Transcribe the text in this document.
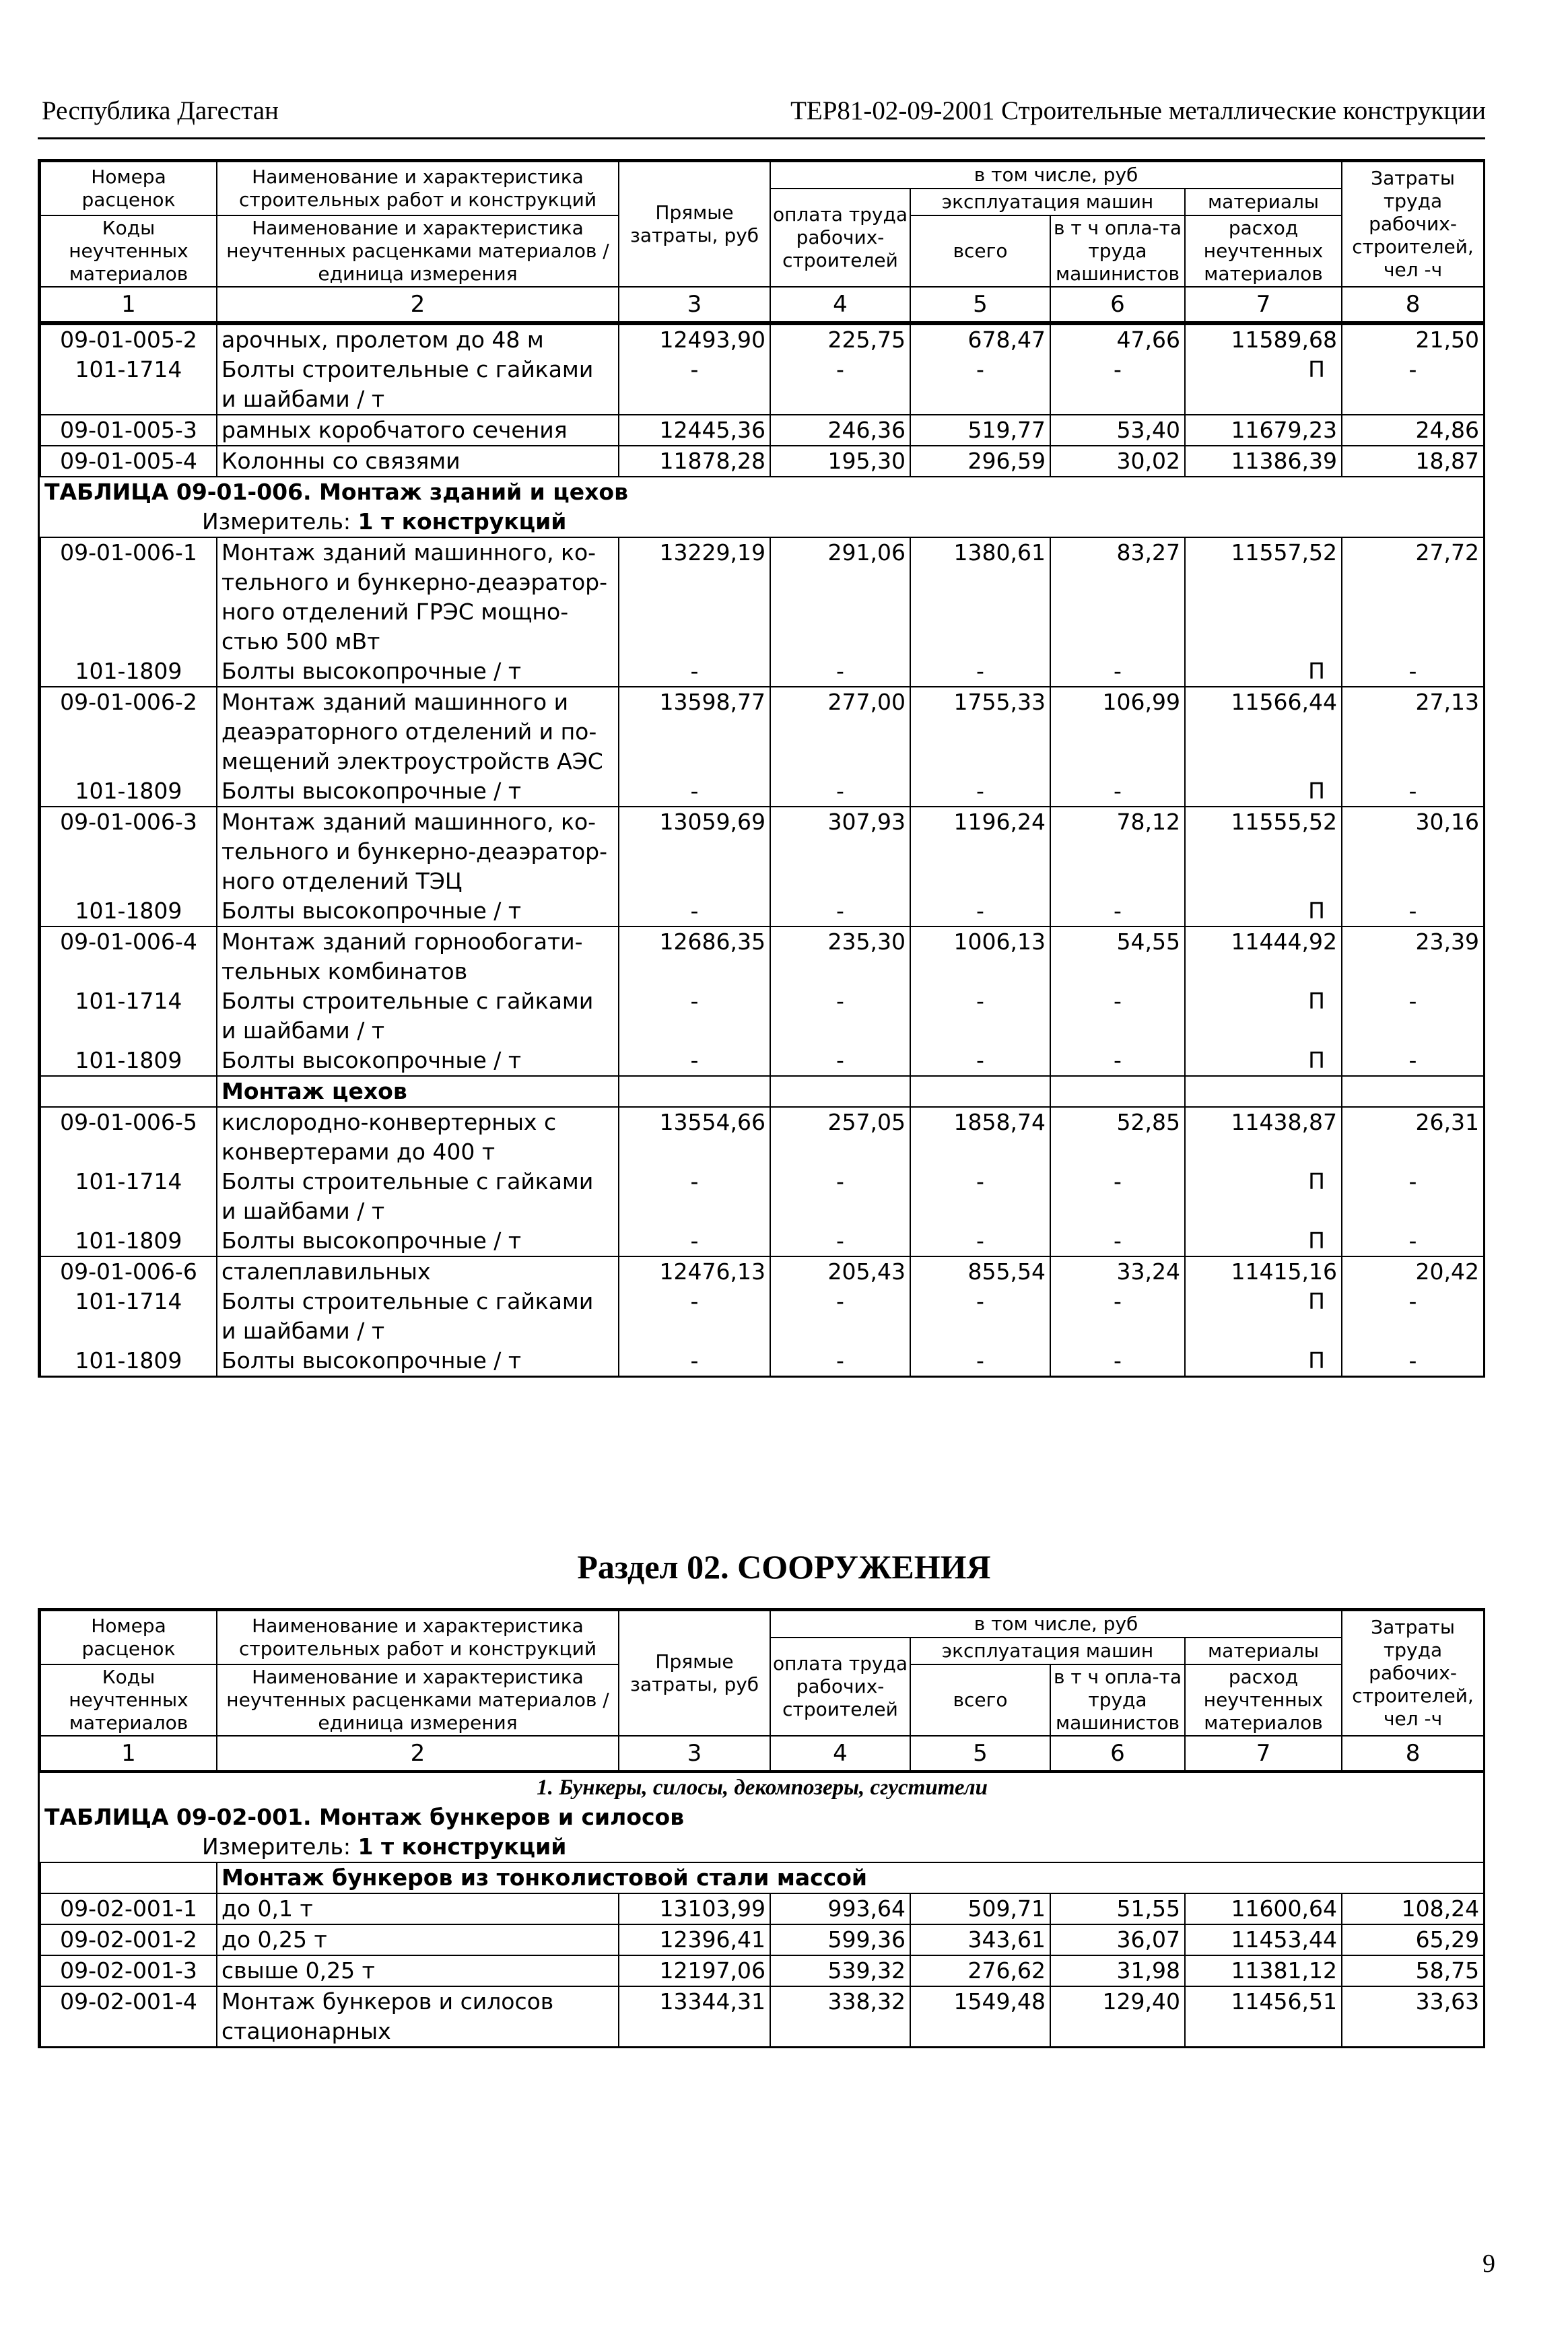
Республика Дагестан	ТЕР81-02-09-2001 Строительные металлические конструкции
Номера расценок	Наименование и характеристика строительных работ и конструкций	Прямые затраты, руб	в том числе, руб				Затраты труда рабочих-строителей, чел -ч
			оплата труда рабочих-строителей	эксплуатация машин		материалы	
Коды неучтенных материалов	Наименование и характеристика неучтенных расценками материалов / единица измерения			всего	в т ч опла-та труда машинистов	расход неучтенных материалов	

1	2	3	4	5	6	7	8
09-01-005-2	арочных, пролетом до 48 м	12493,90	225,75	678,47	47,66	11589,68	21,50
101-1714	Болты строительные с гайками и шайбами / т	-	-	-	-	П	-
09-01-005-3	рамных коробчатого сечения	12445,36	246,36	519,77	53,40	11679,23	24,86
09-01-005-4	Колонны со связями	11878,28	195,30	296,59	30,02	11386,39	18,87
ТАБЛИЦА 09-01-006. Монтаж зданий и цехов							
Измеритель: 1 т конструкций							
09-01-006-1	Монтаж зданий машинного, ко-тельного и бункерно-деаэратор-ного отделений ГРЭС мощно-стью 500 мВт	13229,19	291,06	1380,61	83,27	11557,52	27,72
101-1809	Болты высокопрочные / т	-	-	-	-	П	-
09-01-006-2	Монтаж зданий машинного и деаэраторного отделений и по-мещений электроустройств АЭС	13598,77	277,00	1755,33	106,99	11566,44	27,13
101-1809	Болты высокопрочные / т	-	-	-	-	П	-
09-01-006-3	Монтаж зданий машинного, ко-тельного и бункерно-деаэратор-ного отделений ТЭЦ	13059,69	307,93	1196,24	78,12	11555,52	30,16
101-1809	Болты высокопрочные / т	-	-	-	-	П	-
09-01-006-4	Монтаж зданий горнообогати-тельных комбинатов	12686,35	235,30	1006,13	54,55	11444,92	23,39
101-1714	Болты строительные с гайками и шайбами / т	-	-	-	-	П	-
101-1809	Болты высокопрочные / т	-	-	-	-	П	-
	Монтаж цехов						
09-01-006-5	кислородно-конвертерных с конвертерами до 400 т	13554,66	257,05	1858,74	52,85	11438,87	26,31
101-1714	Болты строительные с гайками и шайбами / т	-	-	-	-	П	-
101-1809	Болты высокопрочные / т	-	-	-	-	П	-
09-01-006-6	сталеплавильных	12476,13	205,43	855,54	33,24	11415,16	20,42
101-1714	Болты строительные с гайками и шайбами / т	-	-	-	-	П	-
101-1809	Болты высокопрочные / т	-	-	-	-	П	-
Раздел 02. СООРУЖЕНИЯ
Номера расценок	Наименование и характеристика строительных работ и конструкций	Прямые затраты, руб	в том числе, руб				Затраты труда рабочих-строителей, чел -ч
			оплата труда рабочих-строителей	эксплуатация машин		материалы	
Коды неучтенных материалов	Наименование и характеристика неучтенных расценками материалов / единица измерения			всего	в т ч опла-та труда машинистов	расход неучтенных материалов	

1	2	3	4	5	6	7	8
1. Бункеры, силосы, декомпозеры, сгустители							
ТАБЛИЦА 09-02-001. Монтаж бункеров и силосов							
Измеритель: 1 т конструкций							
	Монтаж бункеров из тонколистовой стали массой						
09-02-001-1	до 0,1 т	13103,99	993,64	509,71	51,55	11600,64	108,24
09-02-001-2	до 0,25 т	12396,41	599,36	343,61	36,07	11453,44	65,29
09-02-001-3	свыше 0,25 т	12197,06	539,32	276,62	31,98	11381,12	58,75
09-02-001-4	Монтаж бункеров и силосов стационарных	13344,31	338,32	1549,48	129,40	11456,51	33,63
9
